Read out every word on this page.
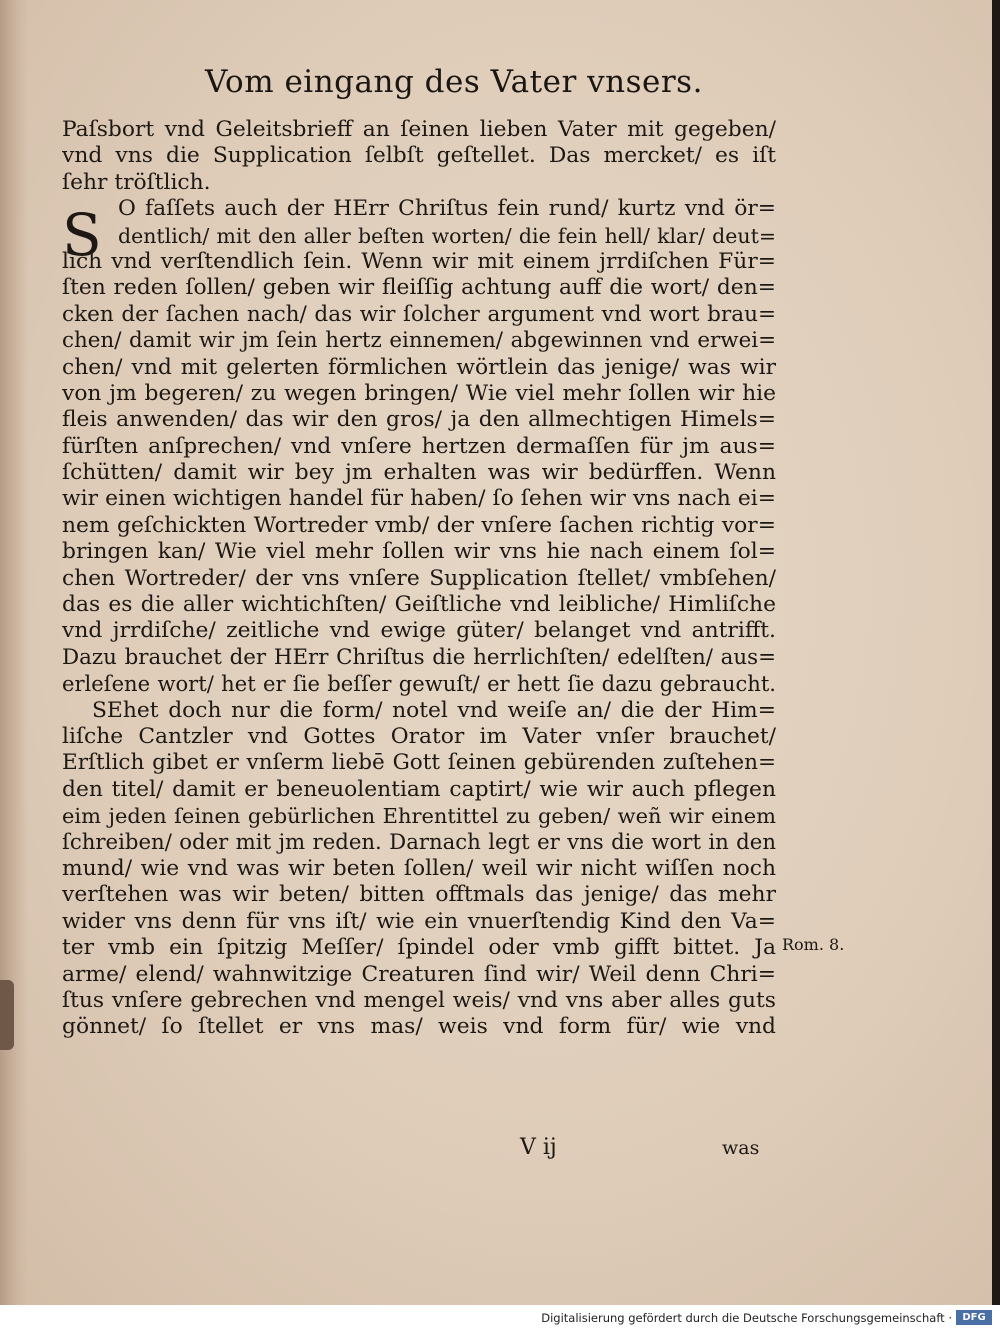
Vom eingang des Vater vnsers.
S
Paſsbort vnd Geleitsbrieff an ſeinen lieben Vater mit gegeben/
vnd vns die Supplication ſelbſt geſtellet. Das mercket/ es iſt
ſehr tröſtlich.
O faſſets auch der HErr Chriſtus fein rund/ kurtz vnd ör=
dentlich/ mit den aller beſten worten/ die fein hell/ klar/ deut=
lich vnd verſtendlich ſein. Wenn wir mit einem jrrdiſchen Für=
ſten reden ſollen/ geben wir fleiſſig achtung auff die wort/ den=
cken der ſachen nach/ das wir ſolcher argument vnd wort brau=
chen/ damit wir jm ſein hertz einnemen/ abgewinnen vnd erwei=
chen/ vnd mit gelerten förmlichen wörtlein das jenige/ was wir
von jm begeren/ zu wegen bringen/ Wie viel mehr ſollen wir hie
fleis anwenden/ das wir den gros/ ja den allmechtigen Himels=
fürſten anſprechen/ vnd vnſere hertzen dermaſſen für jm aus=
ſchütten/ damit wir bey jm erhalten was wir bedürffen. Wenn
wir einen wichtigen handel für haben/ ſo ſehen wir vns nach ei=
nem geſchickten Wortreder vmb/ der vnſere ſachen richtig vor=
bringen kan/ Wie viel mehr ſollen wir vns hie nach einem ſol=
chen Wortreder/ der vns vnſere Supplication ſtellet/ vmbſehen/
das es die aller wichtichſten/ Geiſtliche vnd leibliche/ Himliſche
vnd jrrdiſche/ zeitliche vnd ewige güter/ belanget vnd antrifft.
Dazu brauchet der HErr Chriſtus die herrlichſten/ edelſten/ aus=
erleſene wort/ het er ſie beſſer gewuſt/ er hett ſie dazu gebraucht.
SEhet doch nur die form/ notel vnd weiſe an/ die der Him=
liſche Cantzler vnd Gottes Orator im Vater vnſer brauchet/
Erſtlich gibet er vnſerm liebē Gott ſeinen gebürenden zuſtehen=
den titel/ damit er beneuolentiam captirt/ wie wir auch pflegen
eim jeden ſeinen gebürlichen Ehrentittel zu geben/ weñ wir einem
ſchreiben/ oder mit jm reden. Darnach legt er vns die wort in den
mund/ wie vnd was wir beten ſollen/ weil wir nicht wiſſen noch
verſtehen was wir beten/ bitten offtmals das jenige/ das mehr
wider vns denn für vns iſt/ wie ein vnuerſtendig Kind den Va=
ter vmb ein ſpitzig Meſſer/ ſpindel oder vmb gifft bittet. Ja
arme/ elend/ wahnwitzige Creaturen ſind wir/ Weil denn Chri=
ſtus vnſere gebrechen vnd mengel weis/ vnd vns aber alles guts
gönnet/ ſo ſtellet er vns mas/ weis vnd form für/ wie vnd
Rom. 8.
V ij	was
Digitalisierung gefördert durch die Deutsche Forschungsgemeinschaft ·	DFG
